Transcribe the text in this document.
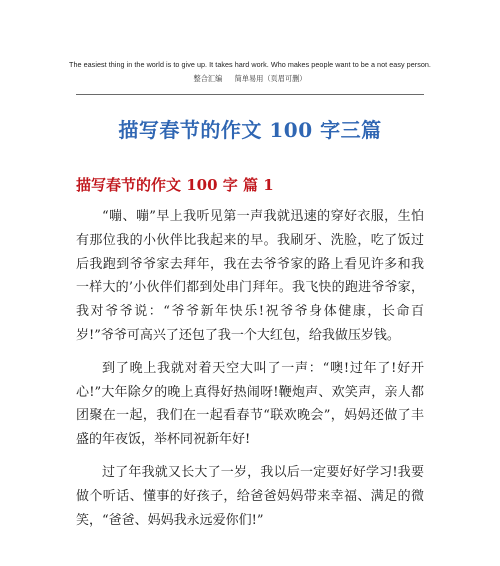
The easiest thing in the world is to give up. It takes hard work. Who makes people want to be a not easy person.
整合汇编 简单易用（页眉可删）
描写春节的作文 100 字三篇
描写春节的作文 100 字 篇 1

“嘣、嘣”早上我听见第一声我就迅速的穿好衣服，生怕有那位我的小伙伴比我起来的早。我刷牙、洗脸，吃了饭过后我跑到爷爷家去拜年，我在去爷爷家的路上看见许多和我一样大的’小伙伴们都到处串门拜年。我飞快的跑进爷爷家，我对爷爷说：“爷爷新年快乐!祝爷爷身体健康，长命百岁!”爷爷可高兴了还包了我一个大红包，给我做压岁钱。

到了晚上我就对着天空大叫了一声：“噢!过年了!好开心!”大年除夕的晚上真得好热闹呀!鞭炮声、欢笑声，亲人都团聚在一起，我们在一起看春节“联欢晚会”，妈妈还做了丰盛的年夜饭，举杯同祝新年好!

过了年我就又长大了一岁，我以后一定要好好学习!我要做个听话、懂事的好孩子，给爸爸妈妈带来幸福、满足的微笑，“爸爸、妈妈我永远爱你们!”
